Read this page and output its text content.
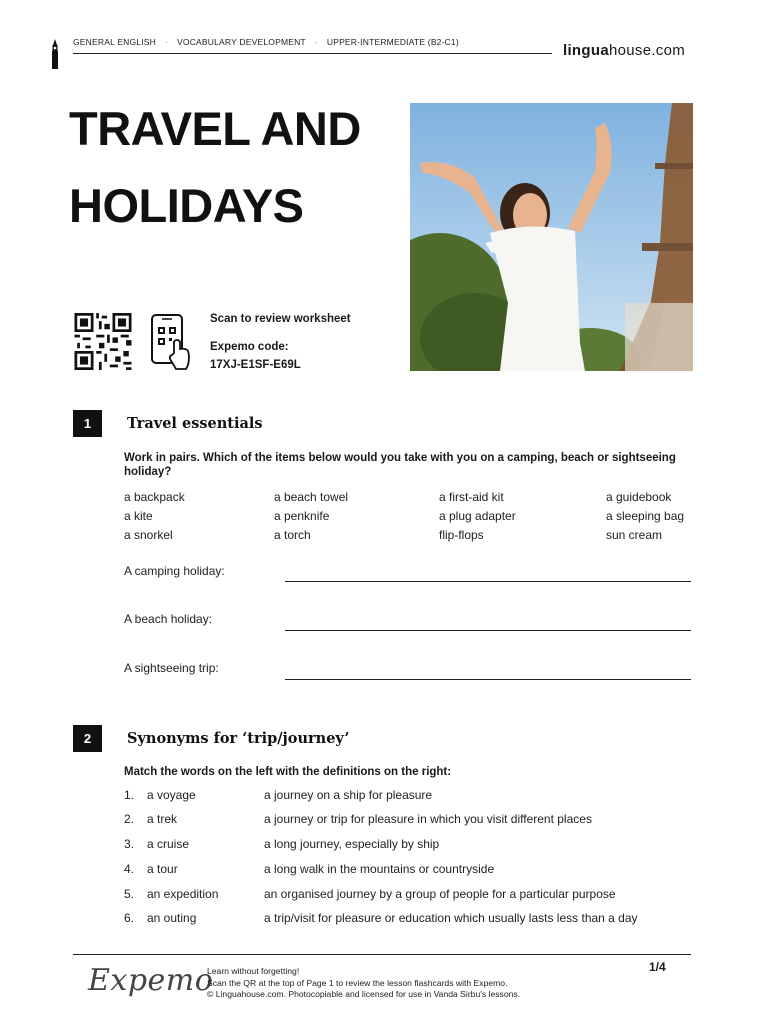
GENERAL ENGLISH · VOCABULARY DEVELOPMENT · UPPER-INTERMEDIATE (B2-C1)	linguahouse.com
TRAVEL AND
HOLIDAYS
Scan to review worksheet
Expemo code:
17XJ-E1SF-E69L
1	Travel essentials
Work in pairs. Which of the items below would you take with you on a camping, beach or sightseeing holiday?
a backpack	a beach towel	a first-aid kit	a guidebook
a kite	a penknife	a plug adapter	a sleeping bag
a snorkel	a torch	flip-flops	sun cream
A camping holiday:
A beach holiday:
A sightseeing trip:
2	Synonyms for ‘trip/journey’
Match the words on the left with the definitions on the right:
1. a voyage	a journey on a ship for pleasure
2. a trek	a journey or trip for pleasure in which you visit different places
3. a cruise	a long journey, especially by ship
4. a tour	a long walk in the mountains or countryside
5. an expedition	an organised journey by a group of people for a particular purpose
6. an outing	a trip/visit for pleasure or education which usually lasts less than a day
Expemo
Learn without forgetting!
Scan the QR at the top of Page 1 to review the lesson flashcards with Expemo.
© Linguahouse.com. Photocopiable and licensed for use in Vanda Sirbu's lessons.
1/4
